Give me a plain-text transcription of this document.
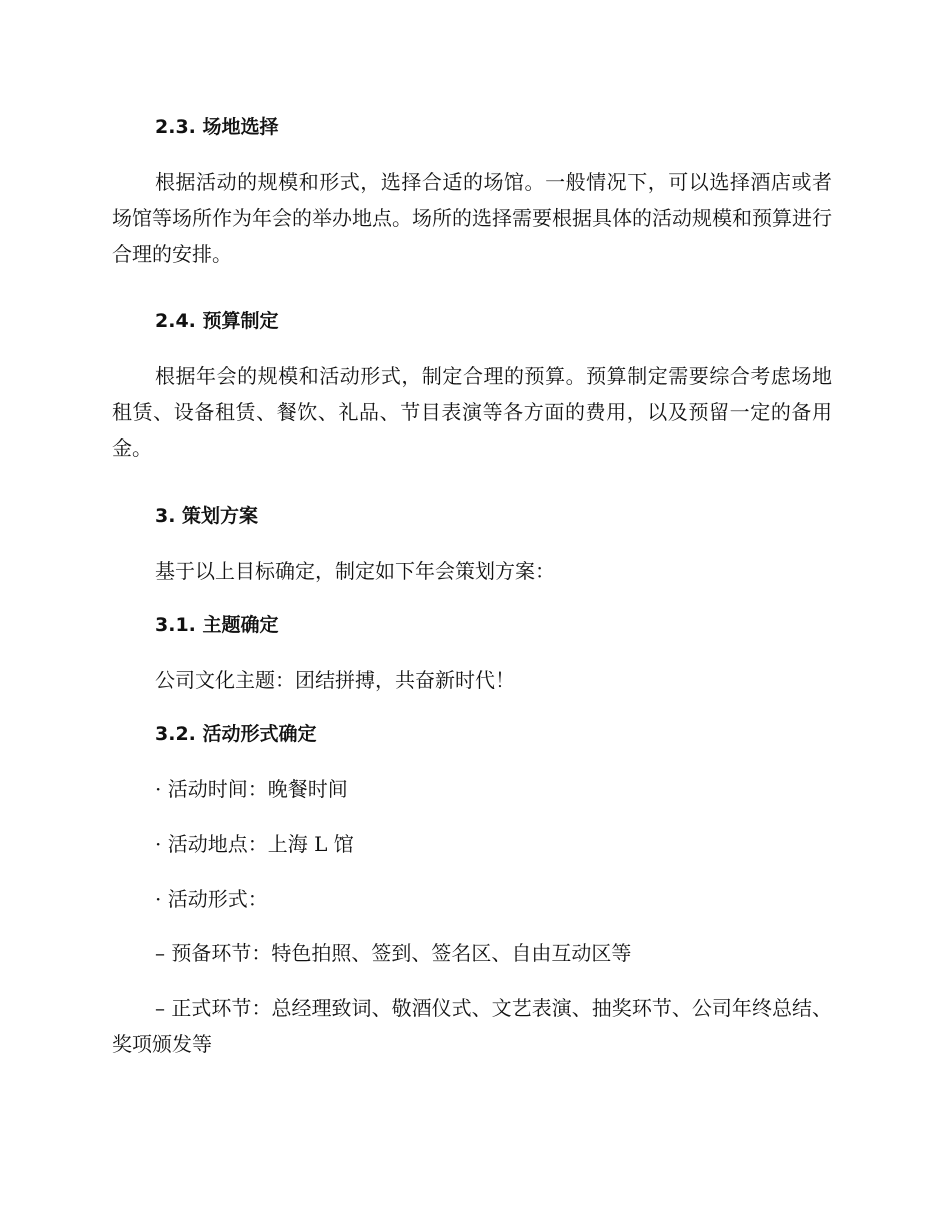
2.3. 场地选择

根据活动的规模和形式，选择合适的场馆。一般情况下，可以选择酒店或者场馆等场所作为年会的举办地点。场所的选择需要根据具体的活动规模和预算进行合理的安排。

2.4. 预算制定

根据年会的规模和活动形式，制定合理的预算。预算制定需要综合考虑场地租赁、设备租赁、餐饮、礼品、节目表演等各方面的费用，以及预留一定的备用金。

3. 策划方案

基于以上目标确定，制定如下年会策划方案：

3.1. 主题确定

公司文化主题：团结拼搏，共奋新时代！

3.2. 活动形式确定

· 活动时间：晚餐时间

· 活动地点：上海 L 馆

· 活动形式：

– 预备环节：特色拍照、签到、签名区、自由互动区等

– 正式环节：总经理致词、敬酒仪式、文艺表演、抽奖环节、公司年终总结、奖项颁发等
